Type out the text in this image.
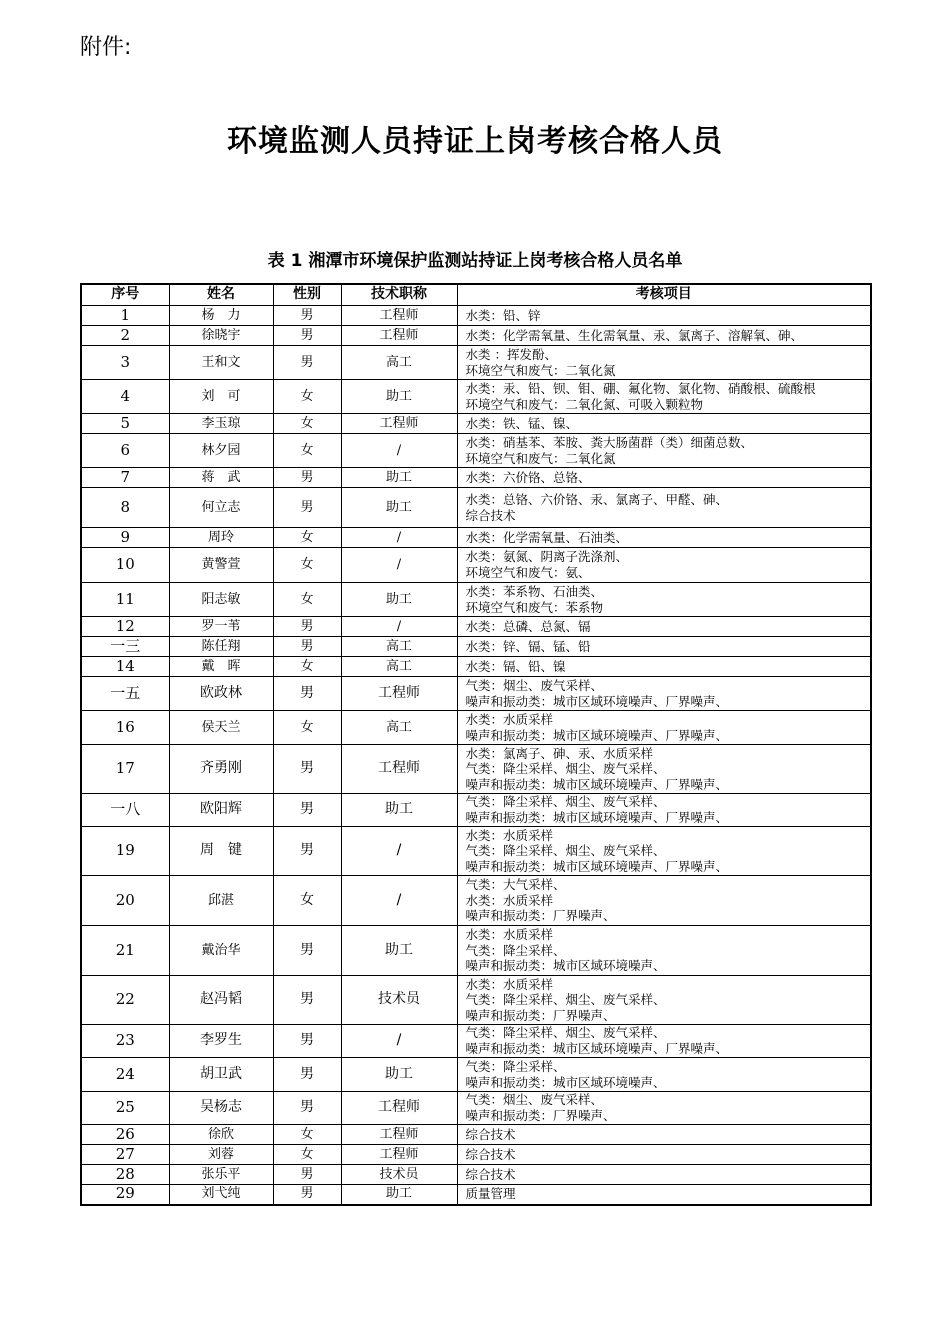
附件:
环境监测人员持证上岗考核合格人员
表 1 湘潭市环境保护监测站持证上岗考核合格人员名单
序号	姓名	性别	技术职称	考核项目
1	杨　力	男	工程师	水类：铅、锌

2	徐晓宇	男	工程师	水类：化学需氧量、生化需氧量、汞、氯离子、溶解氧、砷、

3	王和文	男	高工	水类 ：挥发酚、
环境空气和废气：二氧化氮

4	刘　可	女	助工	水类：汞、铅、钡、钼、硼、氟化物、氯化物、硝酸根、硫酸根
环境空气和废气：二氧化氮、可吸入颗粒物

5	李玉琼	女	工程师	水类：铁、锰、镍、

6	林夕园	女	/	水类：硝基苯、苯胺、粪大肠菌群（类）细菌总数、
环境空气和废气：二氧化氮

7	蒋　武	男	助工	水类：六价铬、总铬、

8	何立志	男	助工	水类：总铬、六价铬、汞、氯离子、甲醛、砷、
综合技术

9	周玲	女	/	水类：化学需氧量、石油类、

10	黄警萱	女	/	水类：氨氮、阴离子洗涤剂、
环境空气和废气：氨、

11	阳志敏	女	助工	水类：苯系物、石油类、
环境空气和废气：苯系物

12	罗一苇	男	/	水类：总磷、总氮、镉

一三	陈任翔	男	高工	水类：锌、镉、锰、铅

14	戴　晖	女	高工	水类：镉、铅、镍

一五	欧政林	男	工程师	气类：烟尘、废气采样、
噪声和振动类：城市区域环境噪声、厂界噪声、

16	侯天兰	女	高工	水类：水质采样
噪声和振动类：城市区域环境噪声、厂界噪声、

17	齐勇刚	男	工程师	水类：氯离子、砷、汞、水质采样
气类：降尘采样、烟尘、废气采样、
噪声和振动类：城市区域环境噪声、厂界噪声、

一八	欧阳辉	男	助工	气类：降尘采样、烟尘、废气采样、
噪声和振动类：城市区域环境噪声、厂界噪声、

19	周　键	男	/	水类：水质采样
气类：降尘采样、烟尘、废气采样、
噪声和振动类：城市区域环境噪声、厂界噪声、

20	邱湛	女	/	气类：大气采样、
水类：水质采样
噪声和振动类：厂界噪声、

21	戴治华	男	助工	水类：水质采样
气类：降尘采样、
噪声和振动类：城市区域环境噪声、

22	赵冯韬	男	技术员	水类：水质采样
气类：降尘采样、烟尘、废气采样、
噪声和振动类：厂界噪声、

23	李罗生	男	/	气类：降尘采样、烟尘、废气采样、
噪声和振动类：城市区域环境噪声、厂界噪声、

24	胡卫武	男	助工	气类：降尘采样、
噪声和振动类：城市区域环境噪声、

25	吴杨志	男	工程师	气类：烟尘、废气采样、
噪声和振动类：厂界噪声、

26	徐欣	女	工程师	综合技术

27	刘蓉	女	工程师	综合技术

28	张乐平	男	技术员	综合技术

29	刘弋纯	男	助工	质量管理
